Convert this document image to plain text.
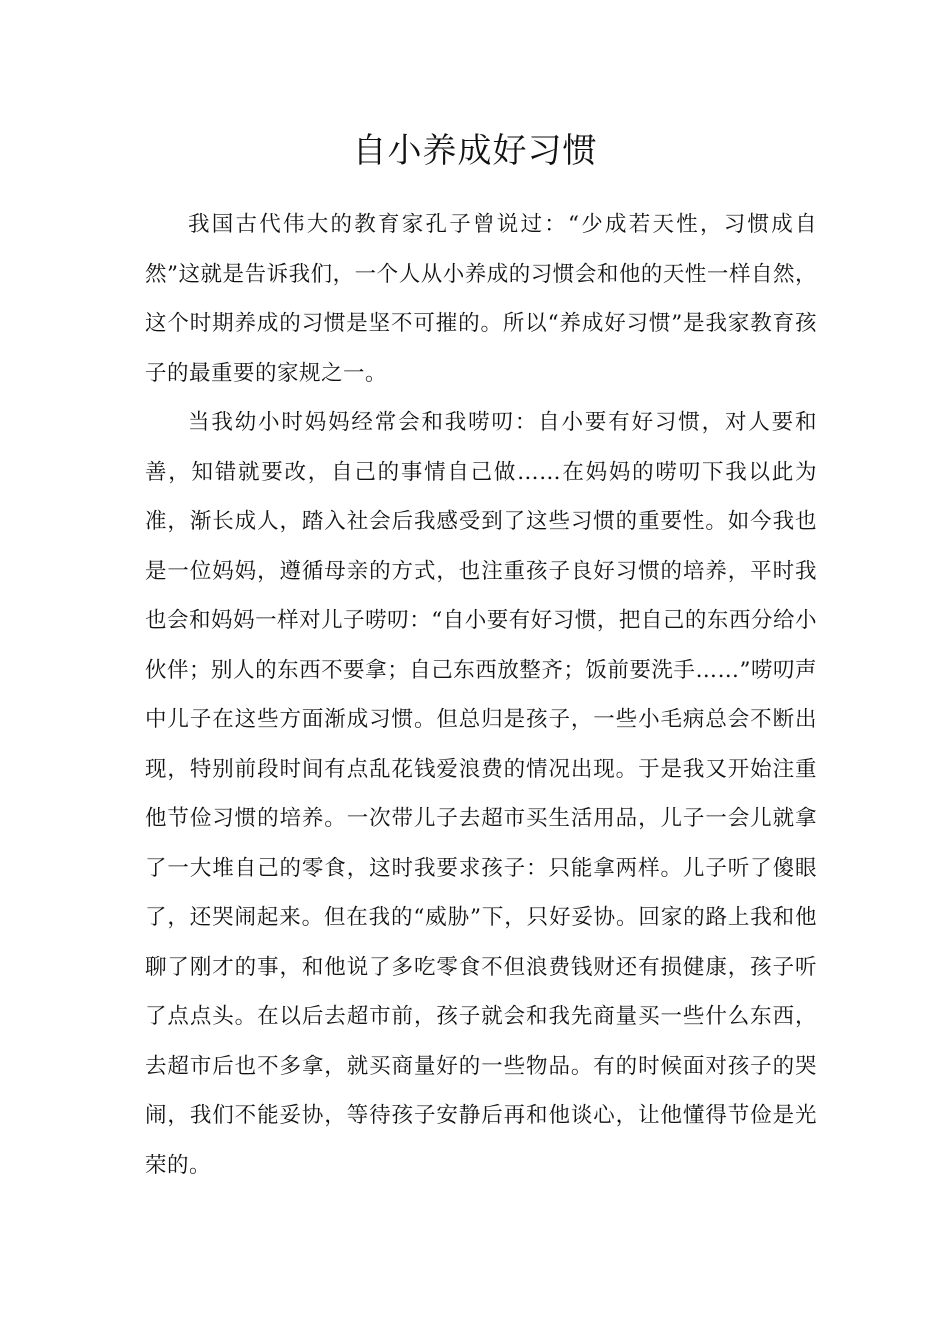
自小养成好习惯

我国古代伟大的教育家孔子曾说过：“少成若天性，习惯成自然”这就是告诉我们，一个人从小养成的习惯会和他的天性一样自然，这个时期养成的习惯是坚不可摧的。所以“养成好习惯”是我家教育孩子的最重要的家规之一。

当我幼小时妈妈经常会和我唠叨：自小要有好习惯，对人要和善，知错就要改，自己的事情自己做……在妈妈的唠叨下我以此为准，渐长成人，踏入社会后我感受到了这些习惯的重要性。如今我也是一位妈妈，遵循母亲的方式，也注重孩子良好习惯的培养，平时我也会和妈妈一样对儿子唠叨：“自小要有好习惯，把自己的东西分给小伙伴；别人的东西不要拿；自己东西放整齐；饭前要洗手……”唠叨声中儿子在这些方面渐成习惯。但总归是孩子，一些小毛病总会不断出现，特别前段时间有点乱花钱爱浪费的情况出现。于是我又开始注重他节俭习惯的培养。一次带儿子去超市买生活用品，儿子一会儿就拿了一大堆自己的零食，这时我要求孩子：只能拿两样。儿子听了傻眼了，还哭闹起来。但在我的“威胁”下，只好妥协。回家的路上我和他聊了刚才的事，和他说了多吃零食不但浪费钱财还有损健康，孩子听了点点头。在以后去超市前，孩子就会和我先商量买一些什么东西，去超市后也不多拿，就买商量好的一些物品。有的时候面对孩子的哭闹，我们不能妥协，等待孩子安静后再和他谈心，让他懂得节俭是光荣的。
